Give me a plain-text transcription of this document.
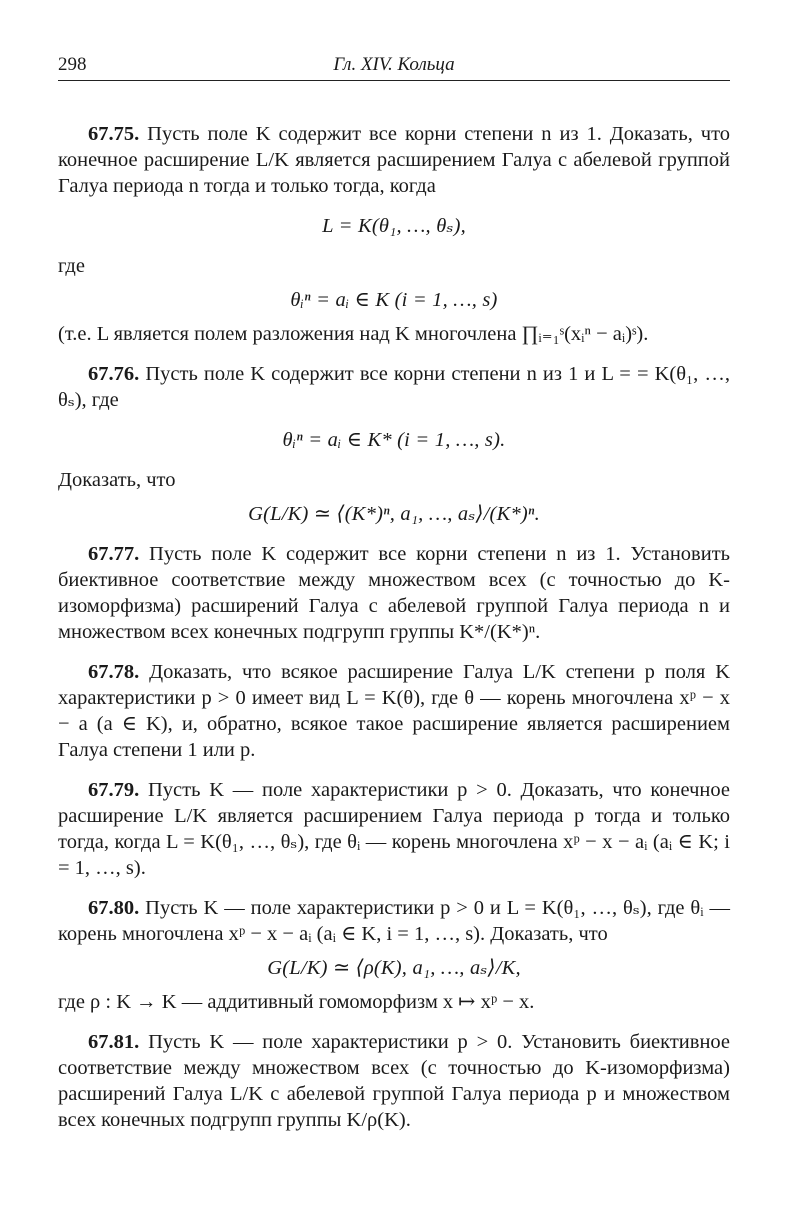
298	Гл. XIV. Кольца

67.75. Пусть поле K содержит все корни степени n из 1. Доказать, что конечное расширение L/K является расширением Галуа с абелевой группой Галуа периода n тогда и только тогда, когда

L = K(θ₁, …, θₛ),

где

θᵢⁿ = aᵢ ∈ K (i = 1, …, s)

(т.е. L является полем разложения над K многочлена ∏ᵢ₌₁ˢ(xᵢⁿ − aᵢ)ˢ).

67.76. Пусть поле K содержит все корни степени n из 1 и L = = K(θ₁, …, θₛ), где

θᵢⁿ = aᵢ ∈ K* (i = 1, …, s).

Доказать, что

G(L/K) ≃ ⟨(K*)ⁿ, a₁, …, aₛ⟩/(K*)ⁿ.

67.77. Пусть поле K содержит все корни степени n из 1. Установить биективное соответствие между множеством всех (с точностью до K-изоморфизма) расширений Галуа с абелевой группой Галуа периода n и множеством всех конечных подгрупп группы K*/(K*)ⁿ.

67.78. Доказать, что всякое расширение Галуа L/K степени p поля K характеристики p > 0 имеет вид L = K(θ), где θ — корень многочлена xᵖ − x − a (a ∈ K), и, обратно, всякое такое расширение является расширением Галуа степени 1 или p.

67.79. Пусть K — поле характеристики p > 0. Доказать, что конечное расширение L/K является расширением Галуа периода p тогда и только тогда, когда L = K(θ₁, …, θₛ), где θᵢ — корень многочлена xᵖ − x − aᵢ (aᵢ ∈ K; i = 1, …, s).

67.80. Пусть K — поле характеристики p > 0 и L = K(θ₁, …, θₛ), где θᵢ — корень многочлена xᵖ − x − aᵢ (aᵢ ∈ K, i = 1, …, s). Доказать, что

G(L/K) ≃ ⟨ρ(K), a₁, …, aₛ⟩/K,

где ρ : K → K — аддитивный гомоморфизм x ↦ xᵖ − x.

67.81. Пусть K — поле характеристики p > 0. Установить биективное соответствие между множеством всех (с точностью до K-изоморфизма) расширений Галуа L/K с абелевой группой Галуа периода p и множеством всех конечных подгрупп группы K/ρ(K).
